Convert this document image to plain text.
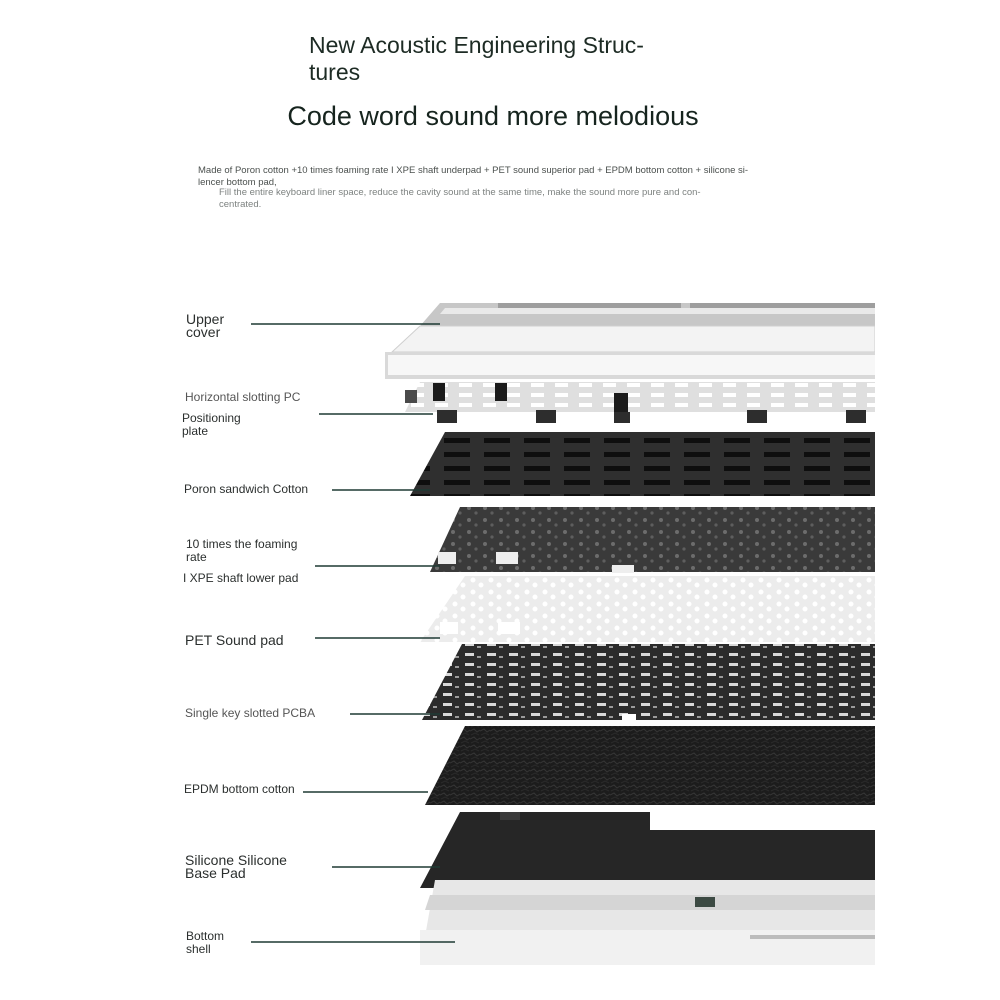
New Acoustic Engineering Struc-
tures
Code word sound more melodious
Made of Poron cotton +10 times foaming rate I XPE shaft underpad + PET sound superior pad + EPDM bottom cotton + silicone si-
lencer bottom pad,
Fill the entire keyboard liner space, reduce the cavity sound at the same time, make the sound more pure and con-
centrated.
Upper
cover
Horizontal slotting PC
Positioning
plate
Poron sandwich Cotton
10 times the foaming
rate
I XPE shaft lower pad
PET Sound pad
Single key slotted PCBA
EPDM bottom cotton
Silicone Silicone
Base Pad
Bottom
shell
